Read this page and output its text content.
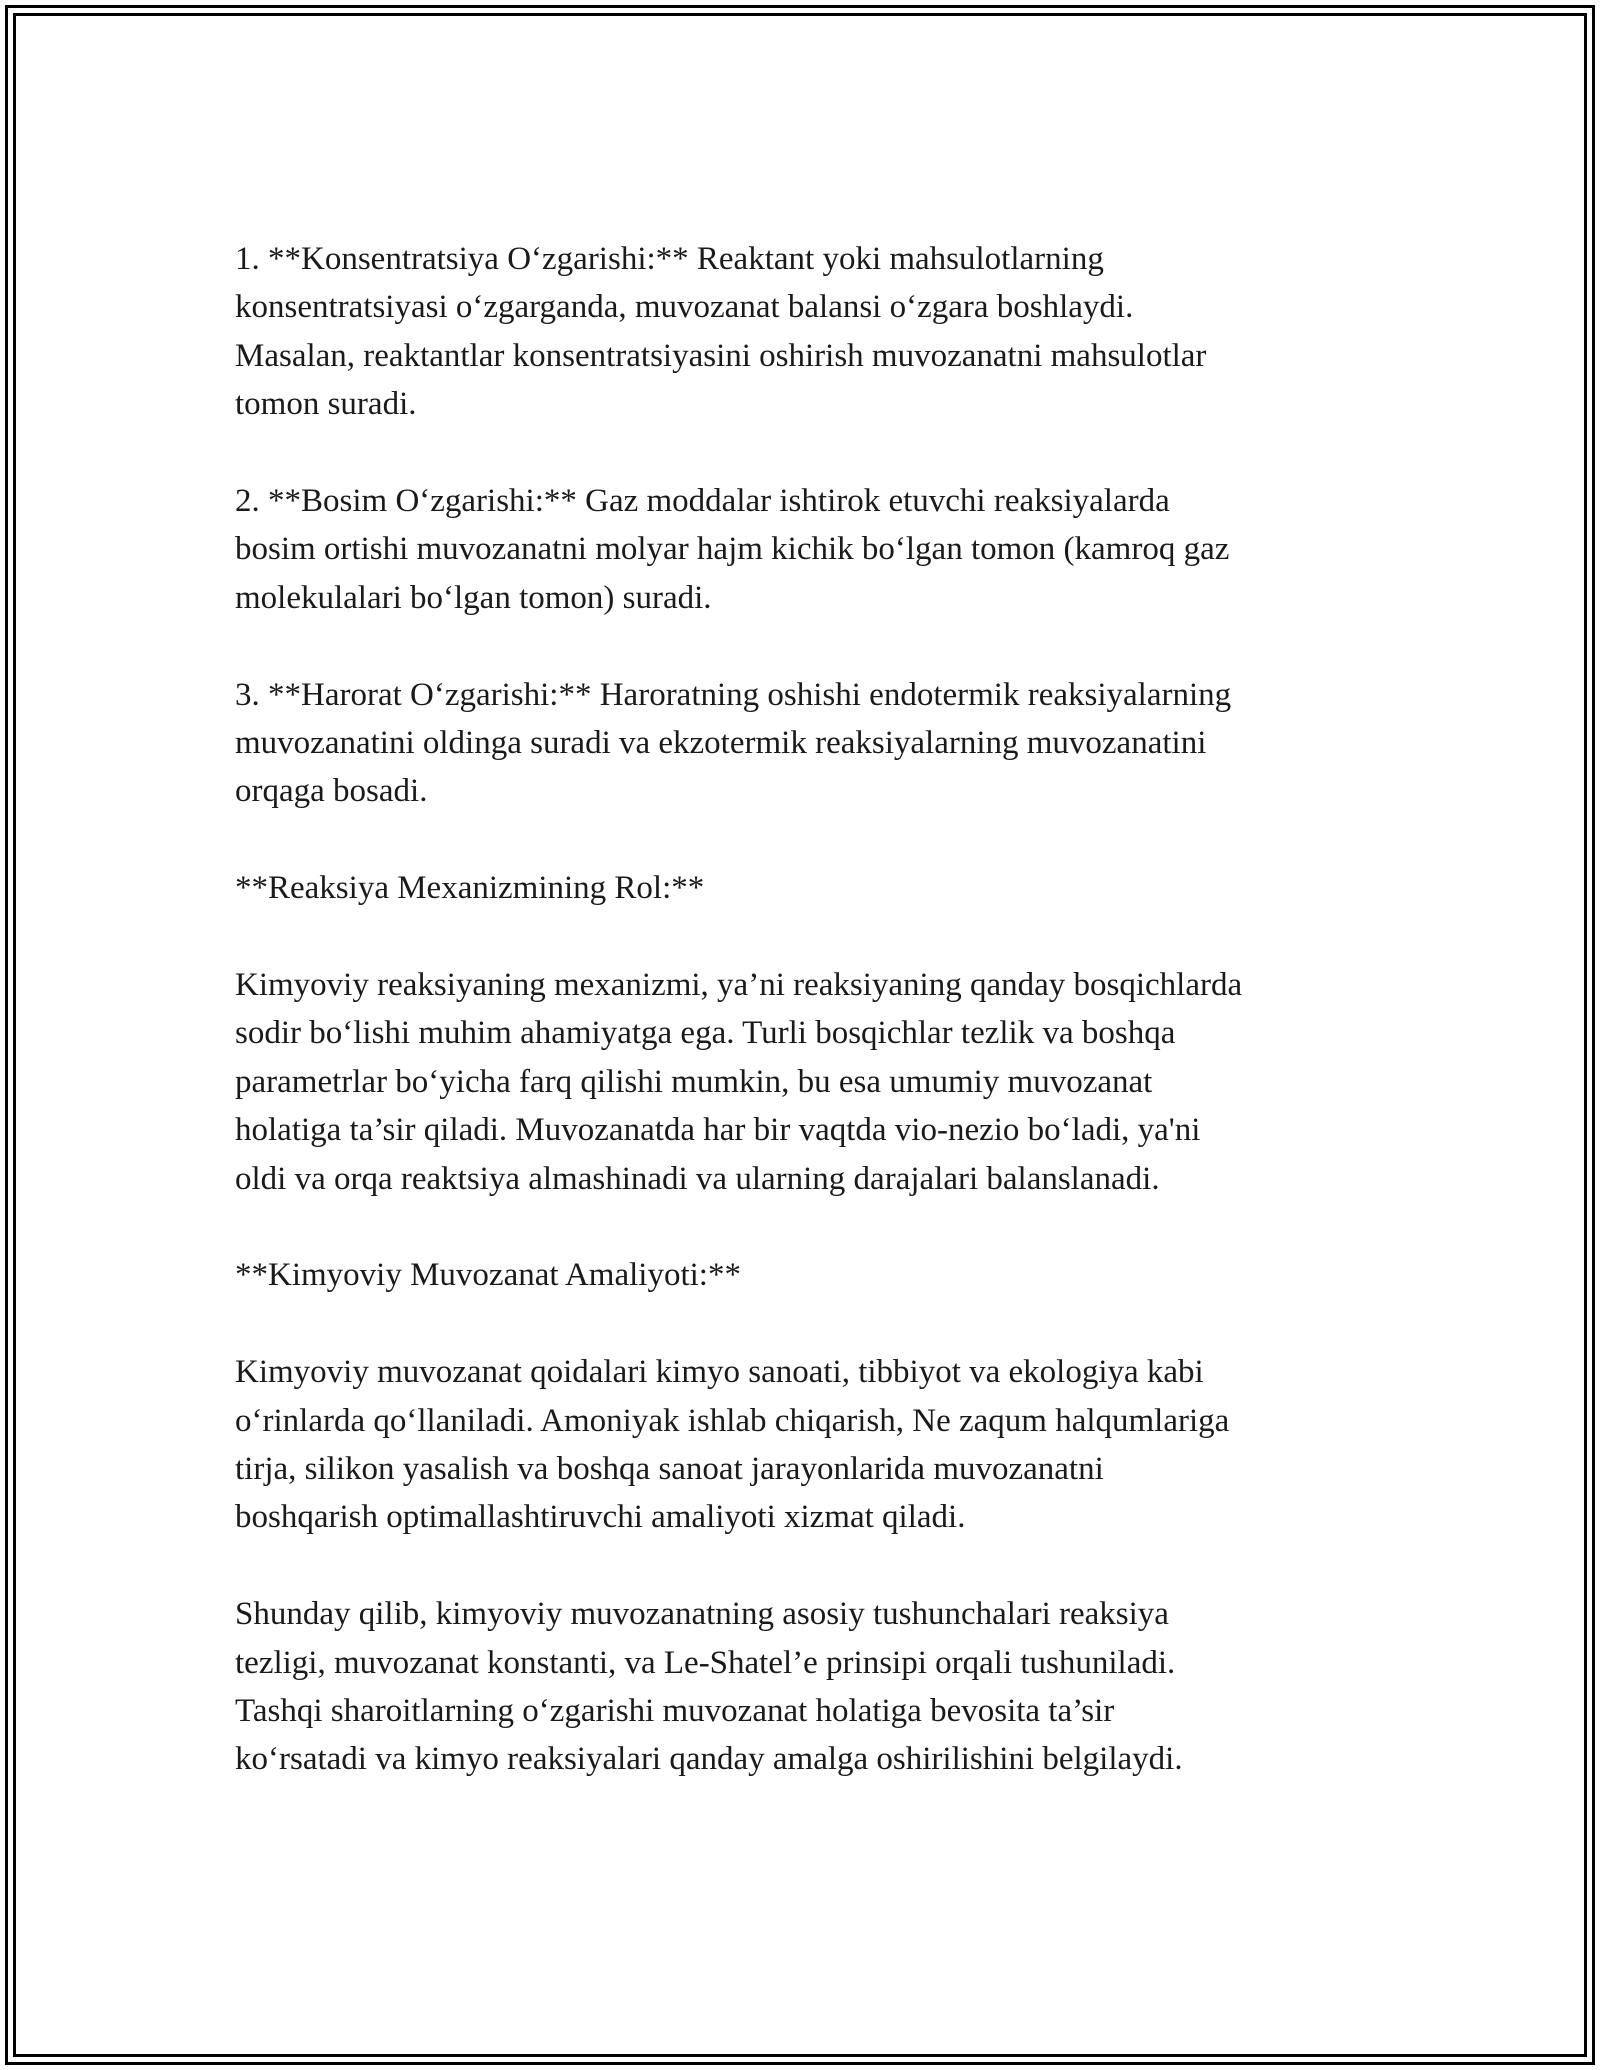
1. **Konsentratsiya O‘zgarishi:** Reaktant yoki mahsulotlarning
konsentratsiyasi o‘zgarganda, muvozanat balansi o‘zgara boshlaydi.
Masalan, reaktantlar konsentratsiyasini oshirish muvozanatni mahsulotlar
tomon suradi.

2. **Bosim O‘zgarishi:** Gaz moddalar ishtirok etuvchi reaksiyalarda
bosim ortishi muvozanatni molyar hajm kichik bo‘lgan tomon (kamroq gaz
molekulalari bo‘lgan tomon) suradi.

3. **Harorat O‘zgarishi:** Haroratning oshishi endotermik reaksiyalarning
muvozanatini oldinga suradi va ekzotermik reaksiyalarning muvozanatini
orqaga bosadi.

**Reaksiya Mexanizmining Rol:**

Kimyoviy reaksiyaning mexanizmi, ya’ni reaksiyaning qanday bosqichlarda
sodir bo‘lishi muhim ahamiyatga ega. Turli bosqichlar tezlik va boshqa
parametrlar bo‘yicha farq qilishi mumkin, bu esa umumiy muvozanat
holatiga ta’sir qiladi. Muvozanatda har bir vaqtda vio-nezio bo‘ladi, ya'ni
oldi va orqa reaktsiya almashinadi va ularning darajalari balanslanadi.

**Kimyoviy Muvozanat Amaliyoti:**

Kimyoviy muvozanat qoidalari kimyo sanoati, tibbiyot va ekologiya kabi
o‘rinlarda qo‘llaniladi. Amoniyak ishlab chiqarish, Ne zaqum halqumlariga
tirja, silikon yasalish va boshqa sanoat jarayonlarida muvozanatni
boshqarish optimallashtiruvchi amaliyoti xizmat qiladi.

Shunday qilib, kimyoviy muvozanatning asosiy tushunchalari reaksiya
tezligi, muvozanat konstanti, va Le-Shatel’e prinsipi orqali tushuniladi.
Tashqi sharoitlarning o‘zgarishi muvozanat holatiga bevosita ta’sir
ko‘rsatadi va kimyo reaksiyalari qanday amalga oshirilishini belgilaydi.
